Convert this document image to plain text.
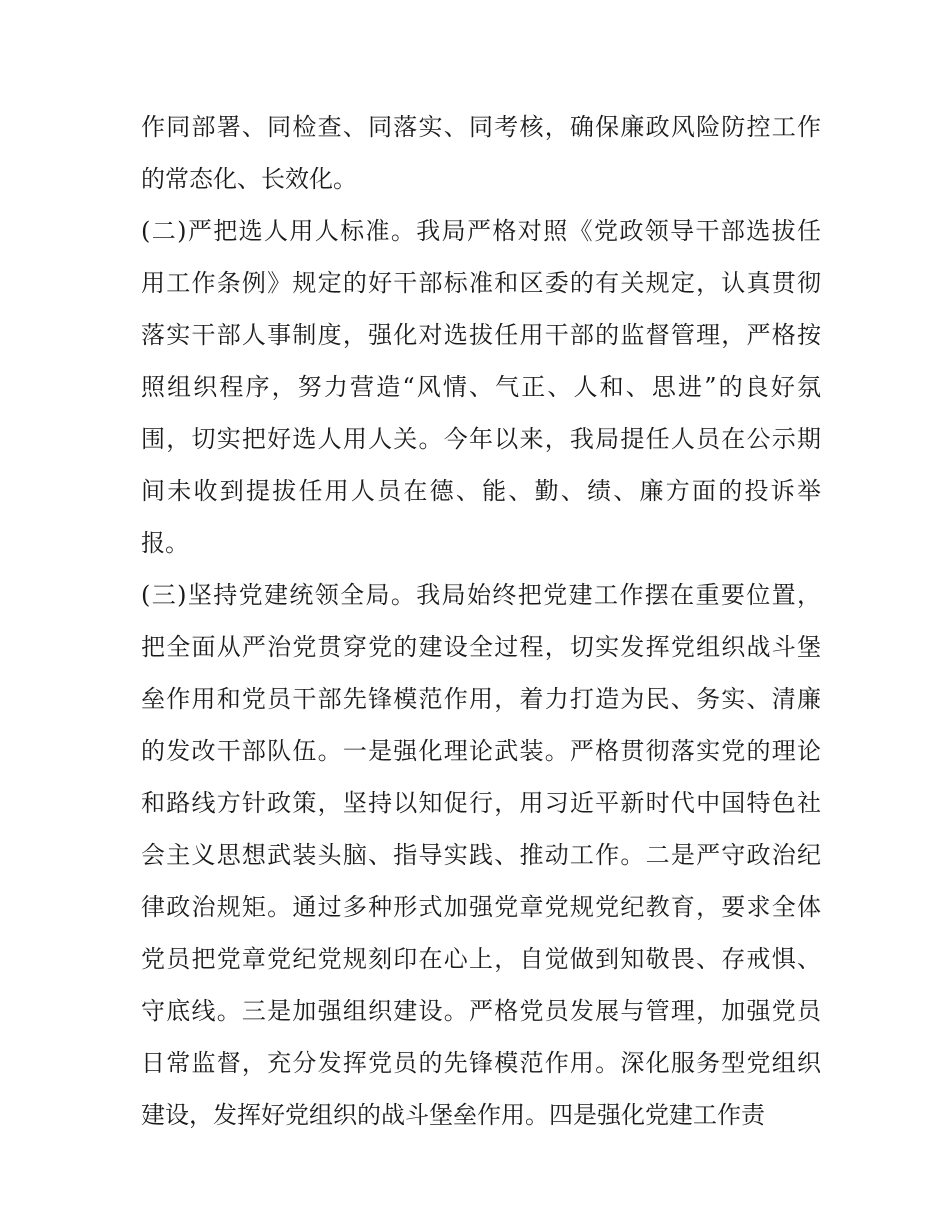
作同部署、同检查、同落实、同考核，确保廉政风险防控工作
的常态化、长效化。
(二)严把选人用人标准。我局严格对照《党政领导干部选拔任
用工作条例》规定的好干部标准和区委的有关规定，认真贯彻
落实干部人事制度，强化对选拔任用干部的监督管理，严格按
照组织程序，努力营造“风情、气正、人和、思进”的良好氛
围，切实把好选人用人关。今年以来，我局提任人员在公示期
间未收到提拔任用人员在德、能、勤、绩、廉方面的投诉举
报。
(三)坚持党建统领全局。我局始终把党建工作摆在重要位置，
把全面从严治党贯穿党的建设全过程，切实发挥党组织战斗堡
垒作用和党员干部先锋模范作用，着力打造为民、务实、清廉
的发改干部队伍。一是强化理论武装。严格贯彻落实党的理论
和路线方针政策，坚持以知促行，用习近平新时代中国特色社
会主义思想武装头脑、指导实践、推动工作。二是严守政治纪
律政治规矩。通过多种形式加强党章党规党纪教育，要求全体
党员把党章党纪党规刻印在心上，自觉做到知敬畏、存戒惧、
守底线。三是加强组织建设。严格党员发展与管理，加强党员
日常监督，充分发挥党员的先锋模范作用。深化服务型党组织
建设，发挥好党组织的战斗堡垒作用。四是强化党建工作责
